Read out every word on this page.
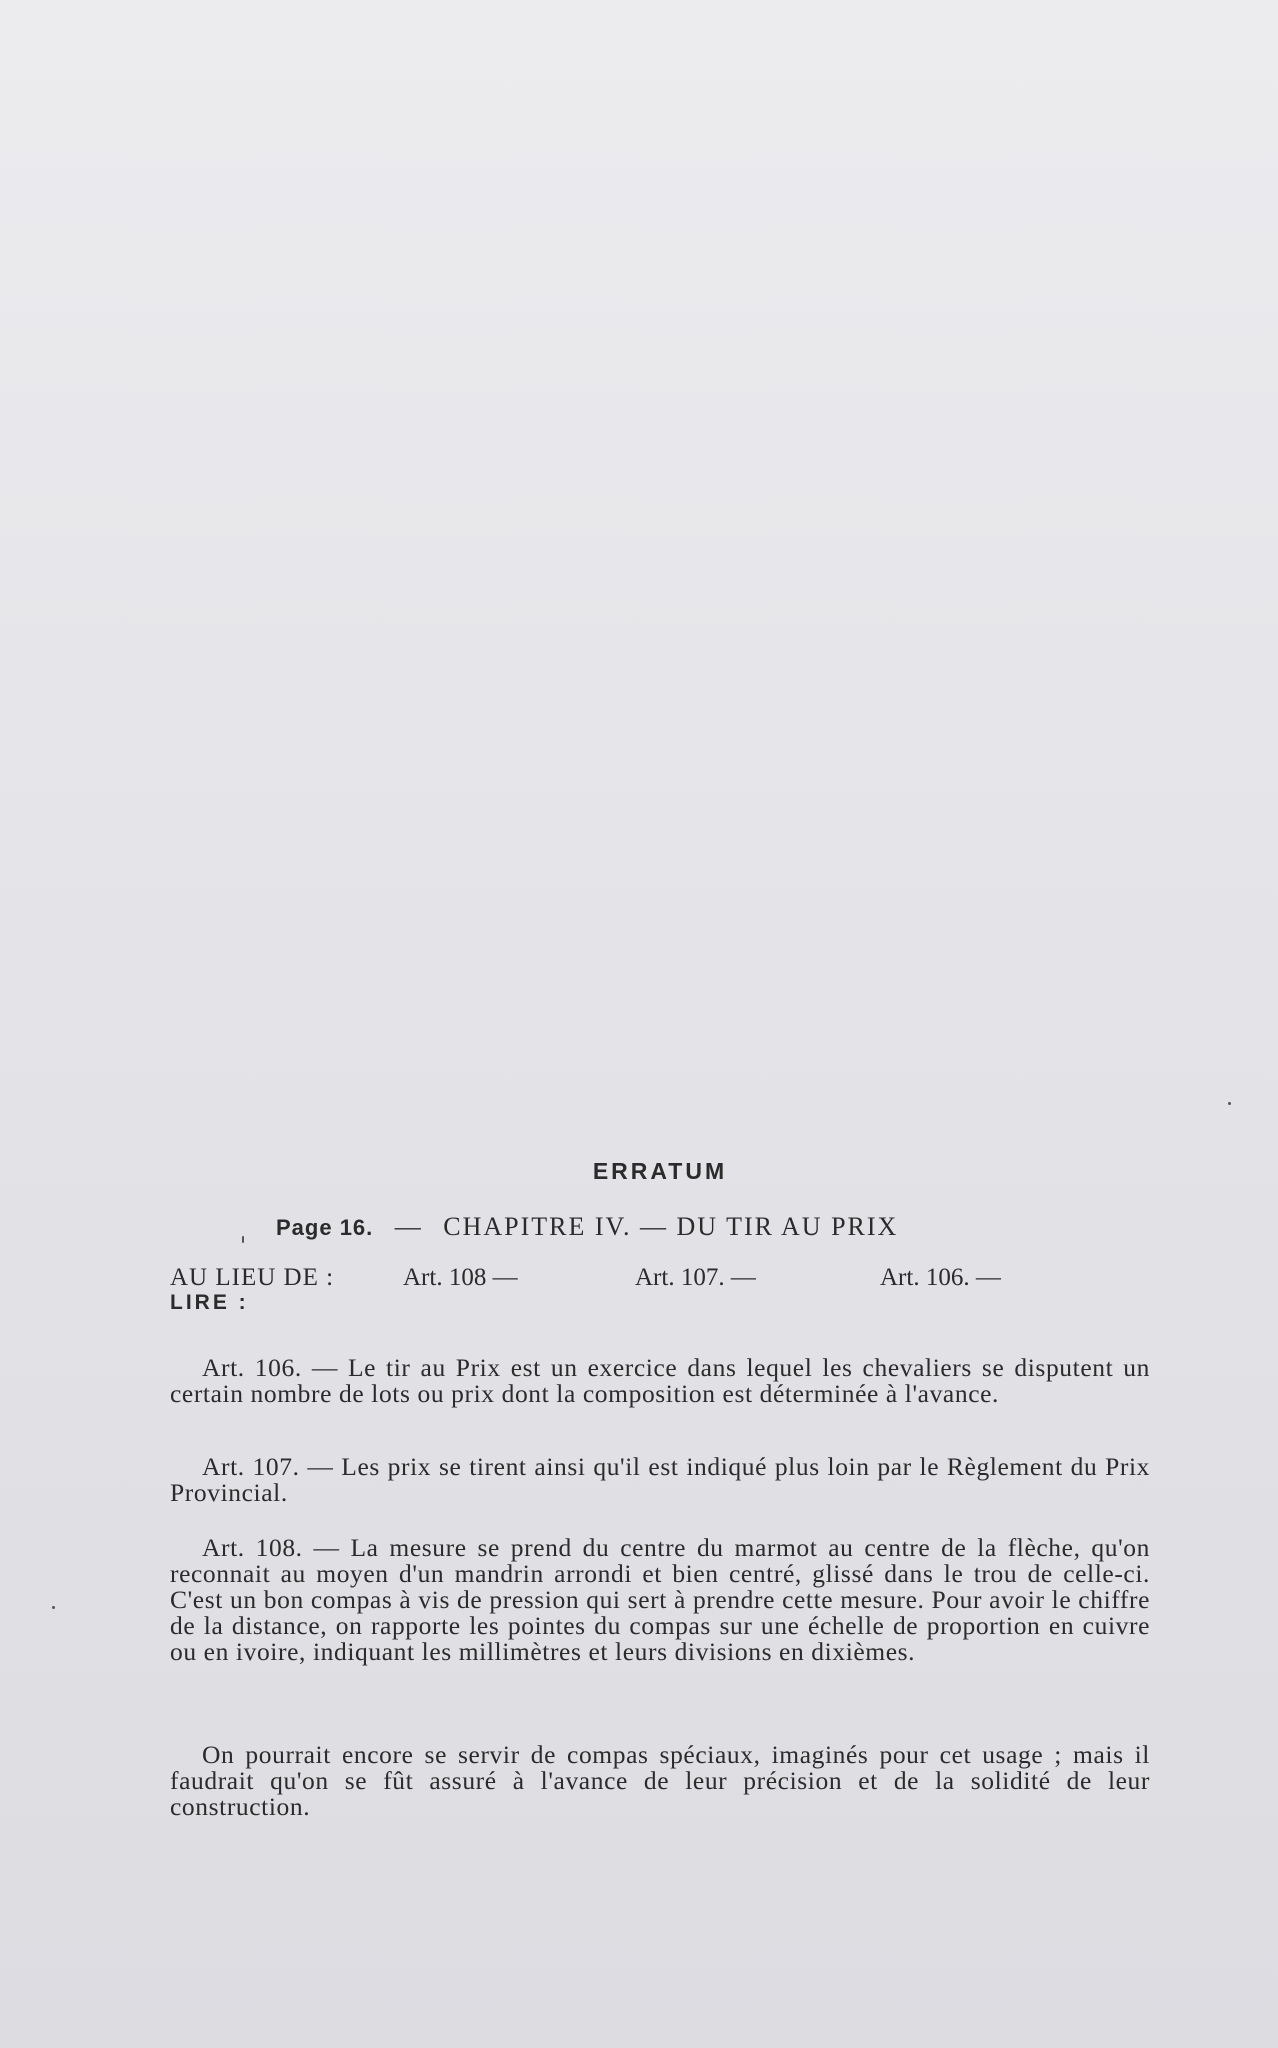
ERRATUM
Page 16. — CHAPITRE IV. — DU TIR AU PRIX
AU LIEU DE :	Art. 108 —	Art. 107. —	Art. 106. —
LIRE :

Art. 106. — Le tir au Prix est un exercice dans lequel les chevaliers se disputent un certain nombre de lots ou prix dont la composition est déterminée à l'avance.

Art. 107. — Les prix se tirent ainsi qu'il est indiqué plus loin par le Règlement du Prix Provincial.

Art. 108. — La mesure se prend du centre du marmot au centre de la flèche, qu'on reconnait au moyen d'un mandrin arrondi et bien centré, glissé dans le trou de celle-ci. C'est un bon compas à vis de pression qui sert à prendre cette mesure. Pour avoir le chiffre de la distance, on rapporte les pointes du compas sur une échelle de proportion en cuivre ou en ivoire, indiquant les millimètres et leurs divisions en dixièmes.

On pourrait encore se servir de compas spéciaux, imaginés pour cet usage ; mais il faudrait qu'on se fût assuré à l'avance de leur précision et de la solidité de leur construction.
